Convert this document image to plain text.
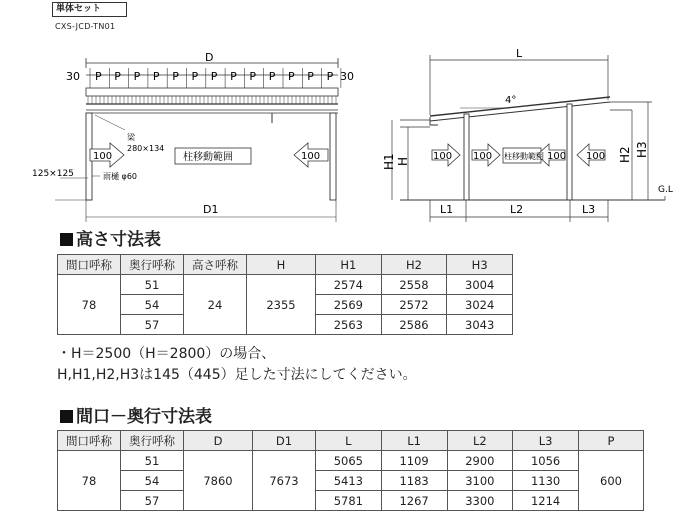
単体セット
CXS-JCD-TN01
D
30	30
P P P P P P P P P P P P P
梁
280×134
125×125	雨樋 φ60
100	100
柱移動範囲
D1
L
4°
H1 H	H2 H3
G.L
100 100 柱移動範囲 100 100
L1	L2	L3
高さ寸法表
間口呼称	奥行呼称	高さ呼称	H	H1	H2	H3
78	51	24	2355	2574	2558	3004
	54			2569	2572	3024
	57			2563	2586	3043
・H＝2500（H＝2800）の場合、
H,H1,H2,H3は145（445）足した寸法にしてください。
間口－奥行寸法表
間口呼称	奥行呼称	D	D1	L	L1	L2	L3	P
78	51	7860	7673	5065	1109	2900	1056	600
	54			5413	1183	3100	1130	
	57			5781	1267	3300	1214	
